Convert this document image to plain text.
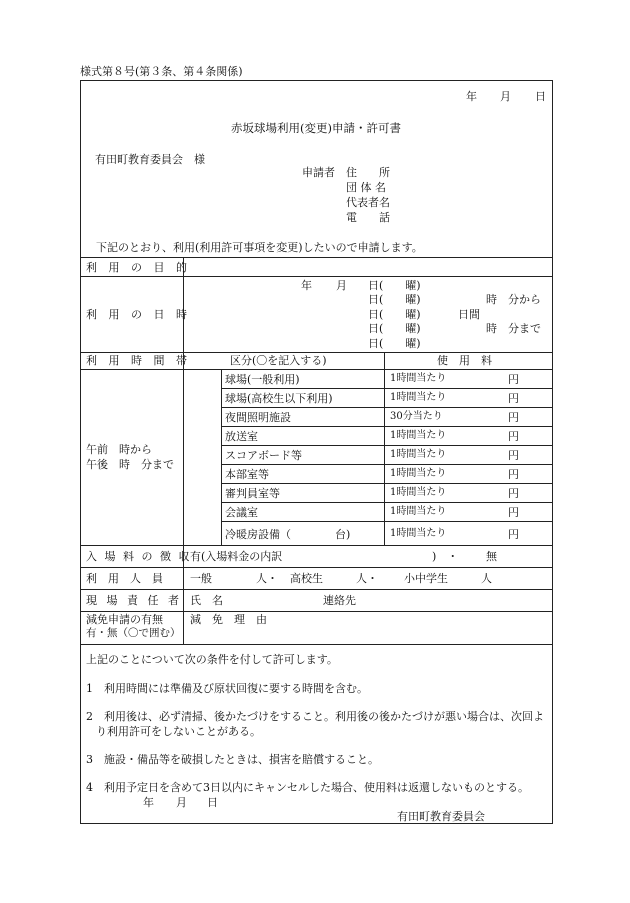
様式第８号(第３条、第４条関係)
年 月 日
赤坂球場利用(変更)申請・許可書
有田町教育委員会　様
申請者 住　　所
団 体 名
代表者名
電　　話
下記のとおり、利用(利用許可事項を変更)したいので申請します。
利 用 の 目 的
利 用 の 日 時
年 月 日(　　曜)
日(　　曜)	時　分から
日(　　曜)	日間
日(　　曜)	時　分まで
日(　　曜)
利 用 時 間 帯	区分(〇を記入する)	使　用　料
午前　時から
午後　時　分まで
球場(一般利用)	1時間当たり	円
球場(高校生以下利用)	1時間当たり	円
夜間照明施設	30分当たり	円
放送室	1時間当たり	円
スコアボード等	1時間当たり	円
本部室等	1時間当たり	円
審判員室等	1時間当たり	円
会議室	1時間当たり	円
冷暖房設備（　　　　台)	1時間当たり	円
入 場 料 の 徴 収
有(入場料金の内訳	)　・	無
利　用　人　員 一般　　　　人・ 高校生　　　人・ 小中学生　　　人
現 場 責 任 者 氏　名	連絡先
減免申請の有無
有・無（〇で囲む）
減　免　理　由
上記のことについて次の条件を付して許可します。
1　利用時間には準備及び原状回復に要する時間を含む。
2　利用後は、必ず清掃、後かたづけをすること。利用後の後かたづけが悪い場合は、次回よ
り利用許可をしないことがある。
3　施設・備品等を破損したときは、損害を賠償すること。
4　利用予定日を含めて3日以内にキャンセルした場合、使用料は返還しないものとする。
年 月 日
有田町教育委員会
